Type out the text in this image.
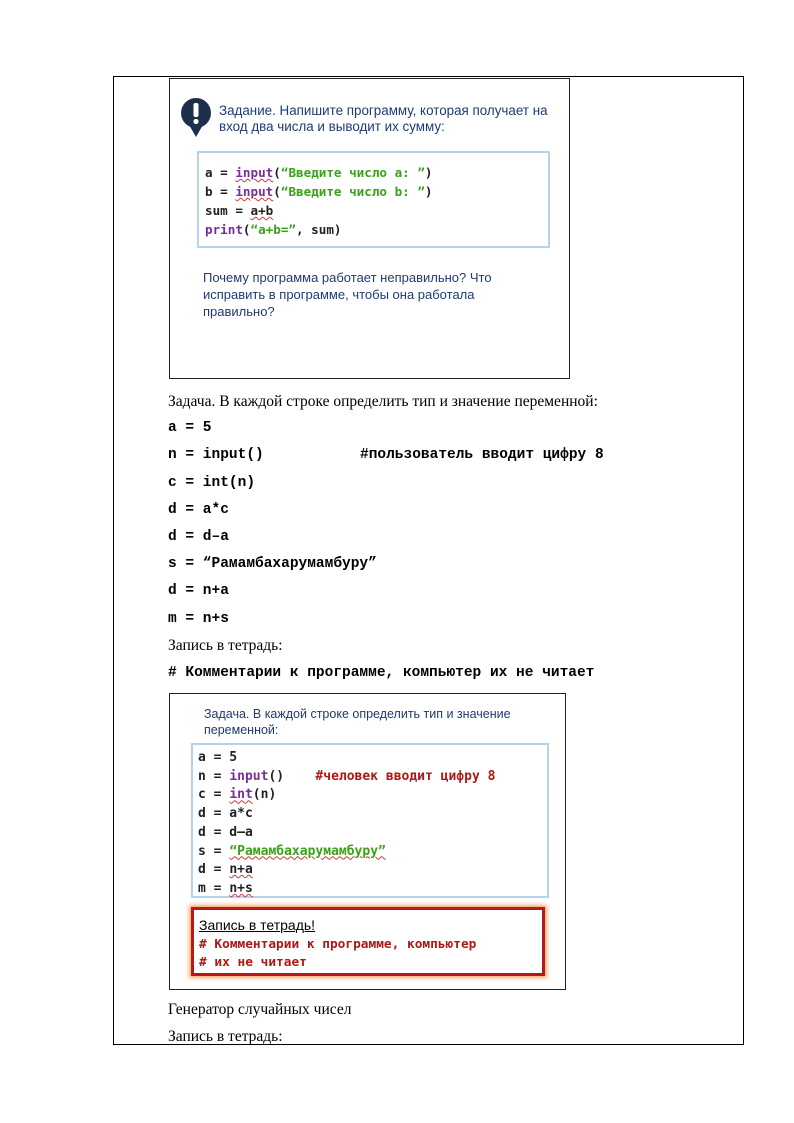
Задание. Напишите программу, которая получает на вход два числа и выводит их сумму:
a = input(“Введите число a: ”)
b = input(“Введите число b: ”)
sum = a+b
print(“a+b=”, sum)
Почему программа работает неправильно? Что исправить в программе, чтобы она работала правильно?
Задача. В каждой строке определить тип и значение переменной:
a = 5
n = input()	#пользователь вводит цифру 8
c = int(n)
d = a*c
d = d–a
s = “Рамамбахарумамбуру”
d = n+a
m = n+s
Запись в тетрадь:
# Комментарии к программе, компьютер их не читает
Задача. В каждой строке определить тип и значение переменной:
a = 5
n = input() #человек вводит цифру 8
c = int(n)
d = a*c
d = d–a
s = “Рамамбахарумамбуру”
d = n+a
m = n+s
Запись в тетрадь!
# Комментарии к программе, компьютер
# их не читает
Генератор случайных чисел
Запись в тетрадь:
